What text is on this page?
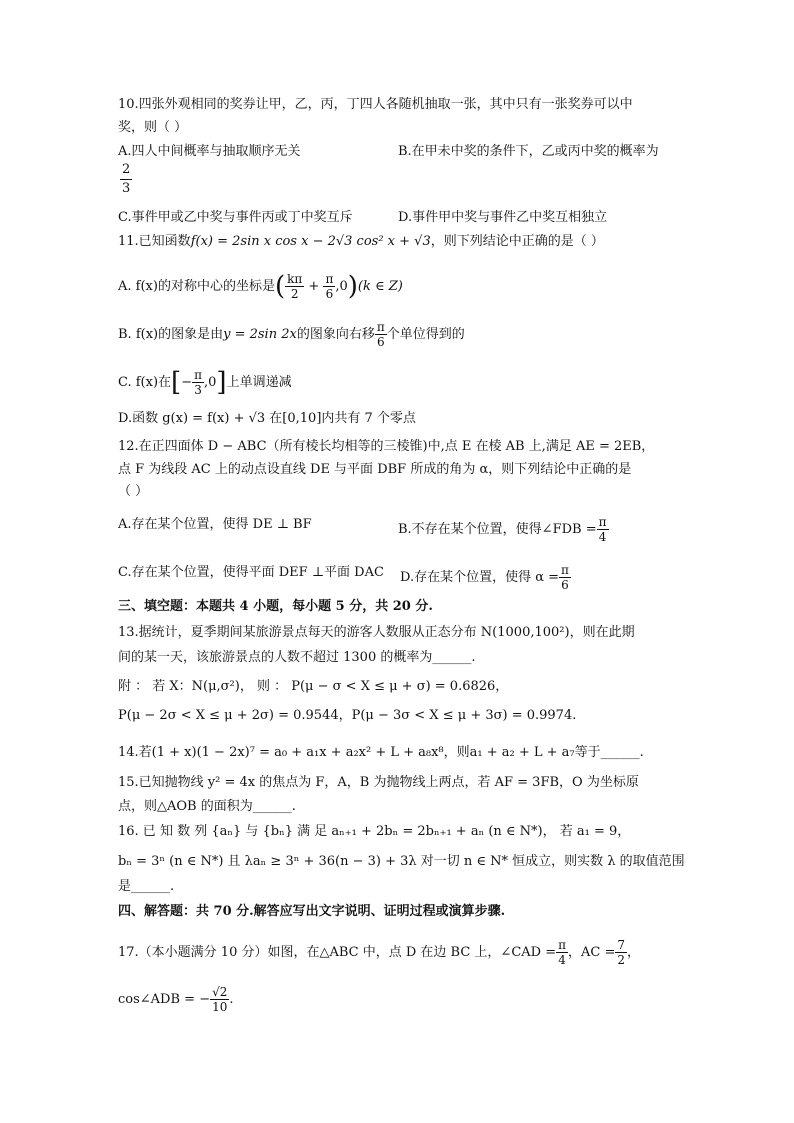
10.四张外观相同的奖券让甲，乙，丙，丁四人各随机抽取一张，其中只有一张奖券可以中
奖，则（ ）
A.四人中间概率与抽取顺序无关	B.在甲未中奖的条件下，乙或丙中奖的概率为
$\frac{2}{3}$
C.事件甲或乙中奖与事件丙或丁中奖互斥	D.事件甲中奖与事件乙中奖互相独立
11.已知函数f(x) = 2sin x cos x − 2√3 cos² x + √3，则下列结论中正确的是（ ）
A. f(x)的对称中心的坐标是( $\frac{k\pi}{2} + \frac{\pi}{6} ,0)(k$ ∈ Z)
B. f(x)的图象是由y = 2sin 2x的图象向右移 $\frac{\pi}{6}$ 个单位得到的
C. f(x)在[− $\frac{\pi}{3} ,0$]上单调递减
D.函数 g(x) = f(x) + √3 在[0,10]内共有 7 个零点
12.在正四面体 D − ABC（所有棱长均相等的三棱锥)中,点 E 在棱 AB 上,满足 AE = 2EB，
点 F 为线段 AC 上的动点设直线 DE 与平面 DBF 所成的角为 α，则下列结论中正确的是
（ ）
A.存在某个位置，使得 DE ⊥ BF	B.不存在某个位置，使得∠FDB = $\frac{\pi}{4}$
C.存在某个位置，使得平面 DEF ⊥平面 DAC D.存在某个位置，使得 $\alpha = \frac{\pi}{6}$
三、填空题：本题共 4 小题，每小题 5 分，共 20 分.
13.据统计，夏季期间某旅游景点每天的游客人数服从正态分布 N(1000,100²)，则在此期
间的某一天，该旅游景点的人数不超过 1300 的概率为______.
附 ： 若 X：N(μ,σ²)， 则 ： P(μ − σ < X ≤ μ + σ) = 0.6826，
P(μ − 2σ < X ≤ μ + 2σ) = 0.9544，P(μ − 3σ < X ≤ μ + 3σ) = 0.9974.
14.若(1 + x)(1 − 2x)⁷ = a₀ + a₁x + a₂x² + L + a₈x⁸，则a₁ + a₂ + L + a₇等于______.
15.已知抛物线 y² = 4x 的焦点为 F，A，B 为抛物线上两点，若 AF = 3FB，O 为坐标原
点，则△AOB 的面积为______.
16. 已 知 数 列 {aₙ} 与 {bₙ} 满 足 aₙ₊₁ + 2bₙ = 2bₙ₊₁ + aₙ (n ∈ N*)， 若 a₁ = 9，
bₙ = 3ⁿ (n ∈ N*) 且 λaₙ ≥ 3ⁿ + 36(n − 3) + 3λ 对一切 n ∈ N* 恒成立，则实数 λ 的取值范围
是______.
四、解答题：共 70 分.解答应写出文字说明、证明过程或演算步骤.
17.（本小题满分 10 分）如图，在△ABC 中，点 D 在边 BC 上，∠CAD = $\frac{\pi}{4}$ ，AC = $\frac{7}{2}$ ，
cos∠ADB = − $\frac{√2}{10}$ .
